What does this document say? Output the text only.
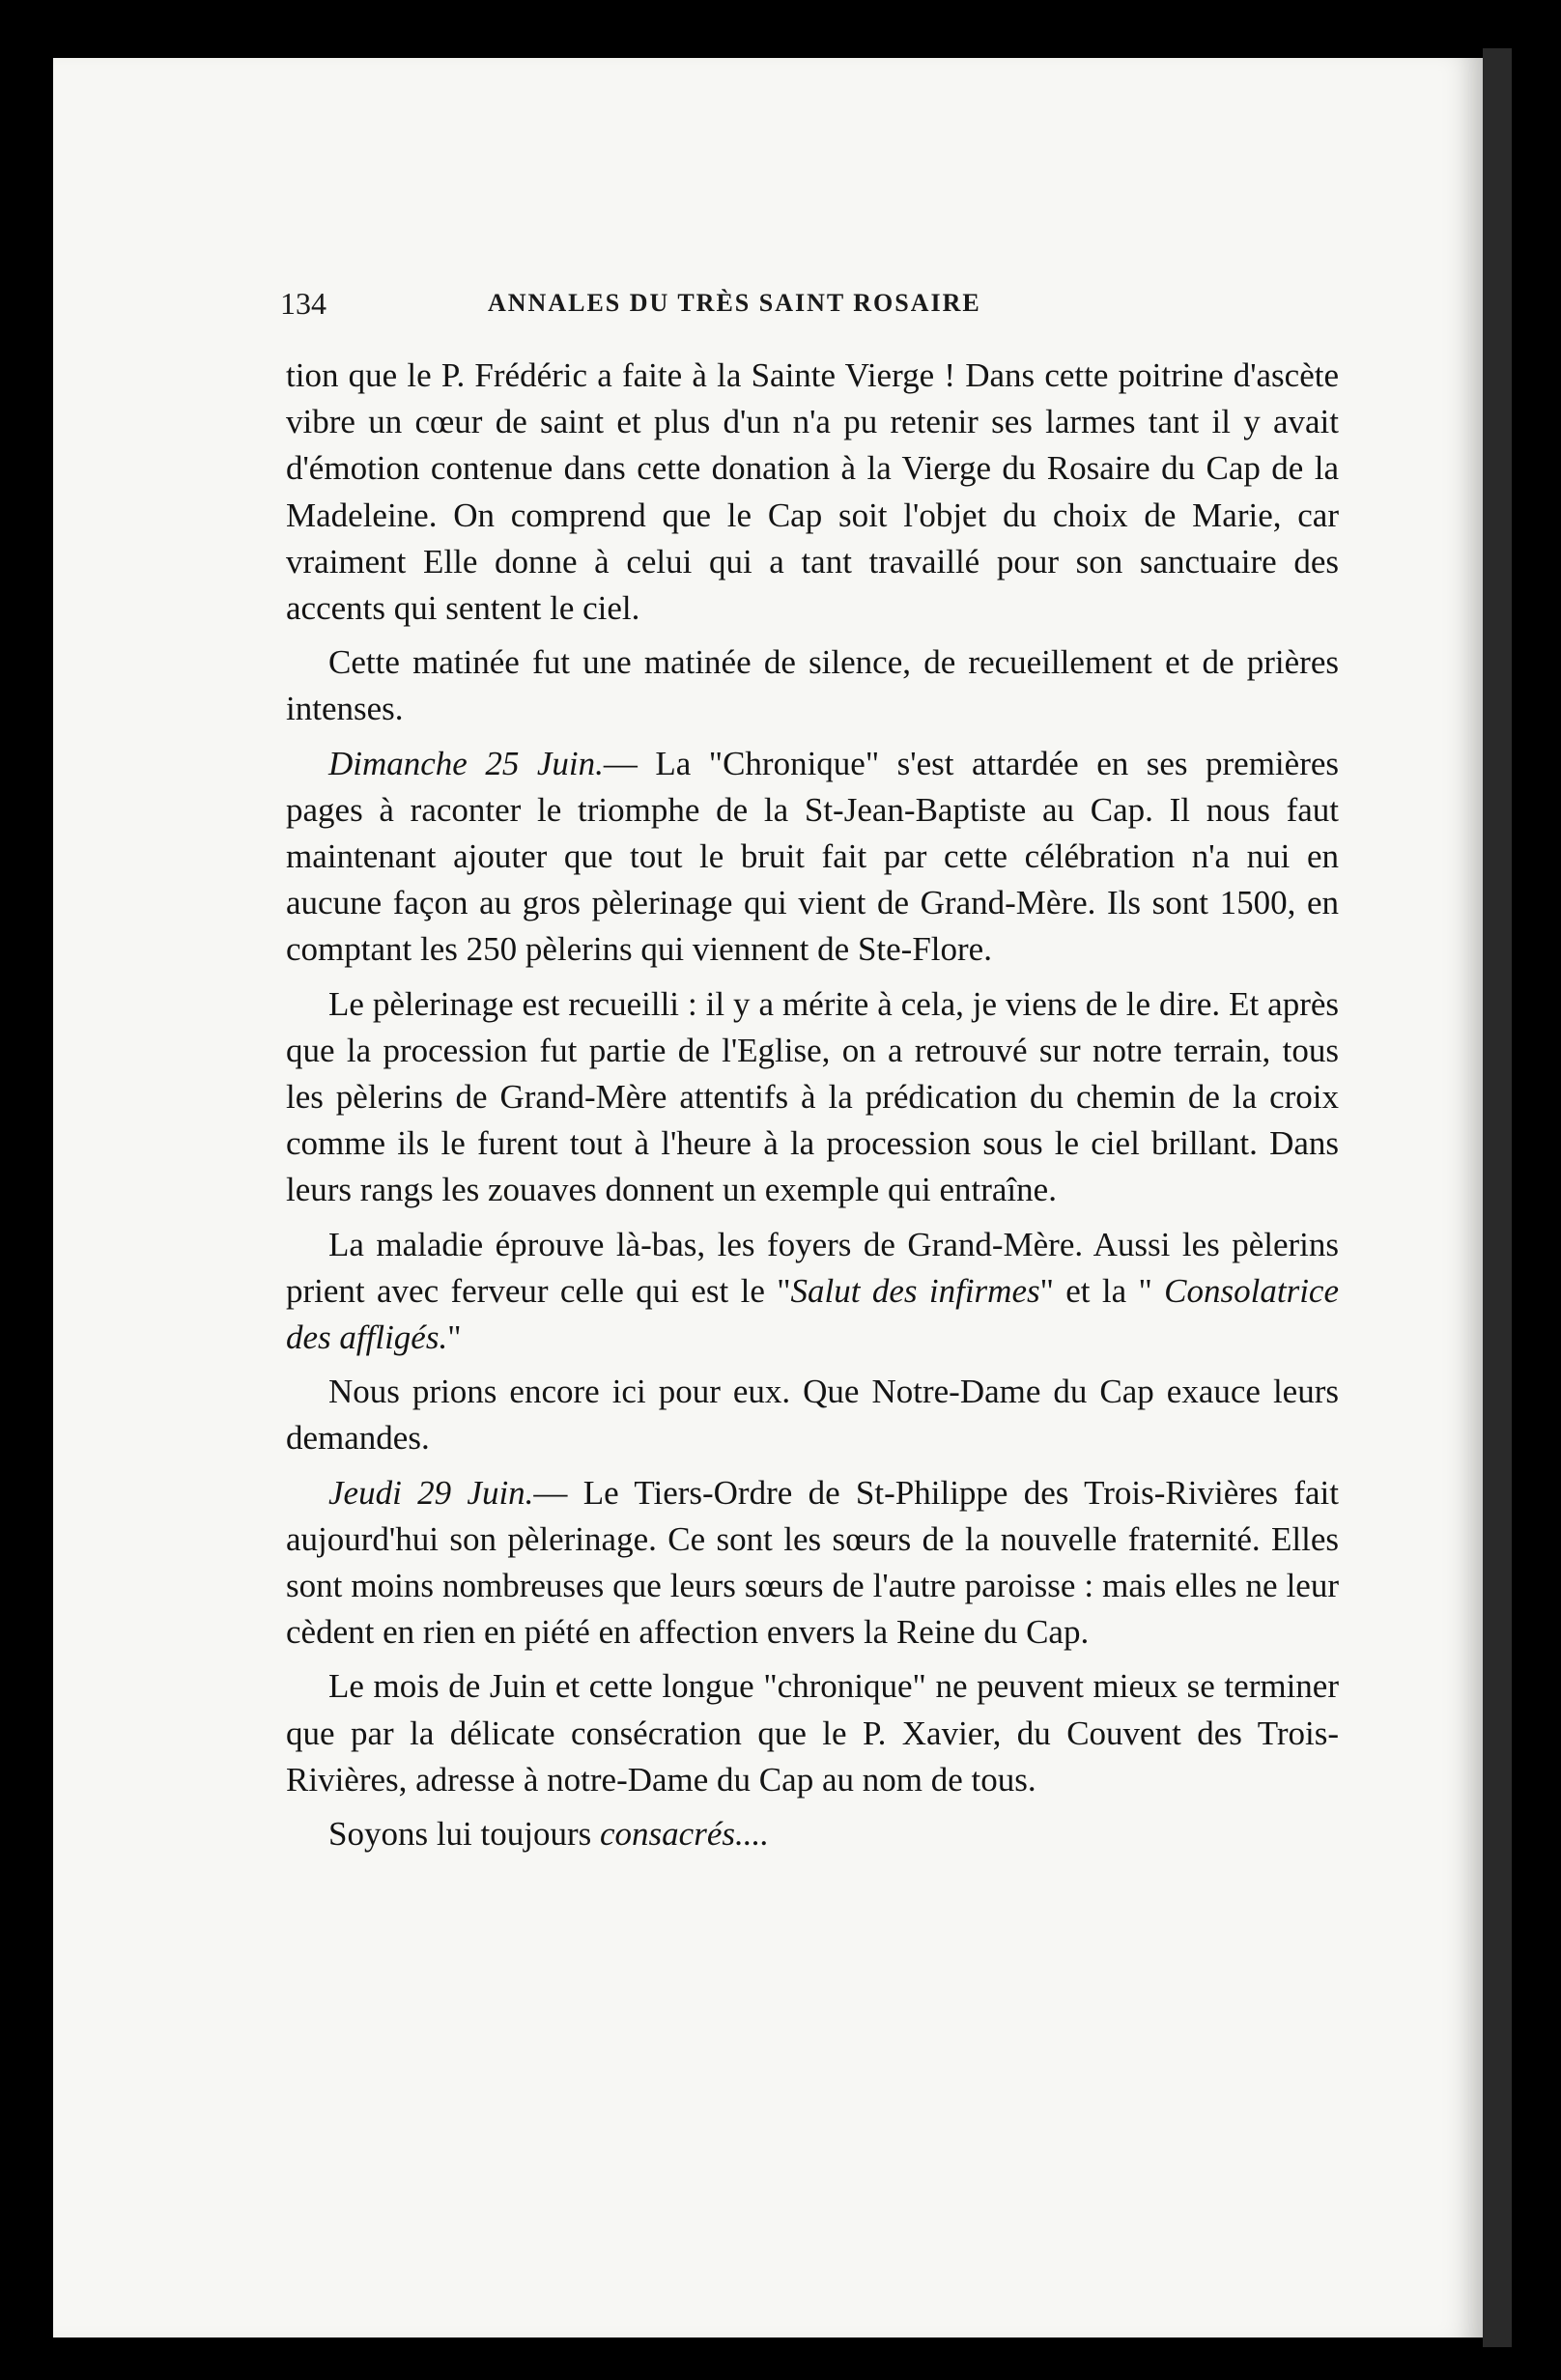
134	ANNALES DU TRÈS SAINT ROSAIRE

tion que le P. Frédéric a faite à la Sainte Vierge ! Dans cette poitrine d'ascète vibre un cœur de saint et plus d'un n'a pu retenir ses larmes tant il y avait d'émotion contenue dans cette donation à la Vierge du Rosaire du Cap de la Madeleine. On comprend que le Cap soit l'objet du choix de Marie, car vraiment Elle donne à celui qui a tant travaillé pour son sanctuaire des accents qui sentent le ciel.

Cette matinée fut une matinée de silence, de recueillement et de prières intenses.

Dimanche 25 Juin.— La "Chronique" s'est attardée en ses premières pages à raconter le triomphe de la St-Jean-Baptiste au Cap. Il nous faut maintenant ajouter que tout le bruit fait par cette célébration n'a nui en aucune façon au gros pèlerinage qui vient de Grand-Mère. Ils sont 1500, en comptant les 250 pèlerins qui viennent de Ste-Flore.

Le pèlerinage est recueilli : il y a mérite à cela, je viens de le dire. Et après que la procession fut partie de l'Eglise, on a retrouvé sur notre terrain, tous les pèlerins de Grand-Mère attentifs à la prédication du chemin de la croix comme ils le furent tout à l'heure à la procession sous le ciel brillant. Dans leurs rangs les zouaves donnent un exemple qui entraîne.

La maladie éprouve là-bas, les foyers de Grand-Mère. Aussi les pèlerins prient avec ferveur celle qui est le "Salut des infirmes" et la " Consolatrice des affligés."

Nous prions encore ici pour eux. Que Notre-Dame du Cap exauce leurs demandes.

Jeudi 29 Juin.— Le Tiers-Ordre de St-Philippe des Trois-Rivières fait aujourd'hui son pèlerinage. Ce sont les sœurs de la nouvelle fraternité. Elles sont moins nombreuses que leurs sœurs de l'autre paroisse : mais elles ne leur cèdent en rien en piété en affection envers la Reine du Cap.

Le mois de Juin et cette longue "chronique" ne peuvent mieux se terminer que par la délicate consécration que le P. Xavier, du Couvent des Trois-Rivières, adresse à notre-Dame du Cap au nom de tous.

Soyons lui toujours consacrés....
